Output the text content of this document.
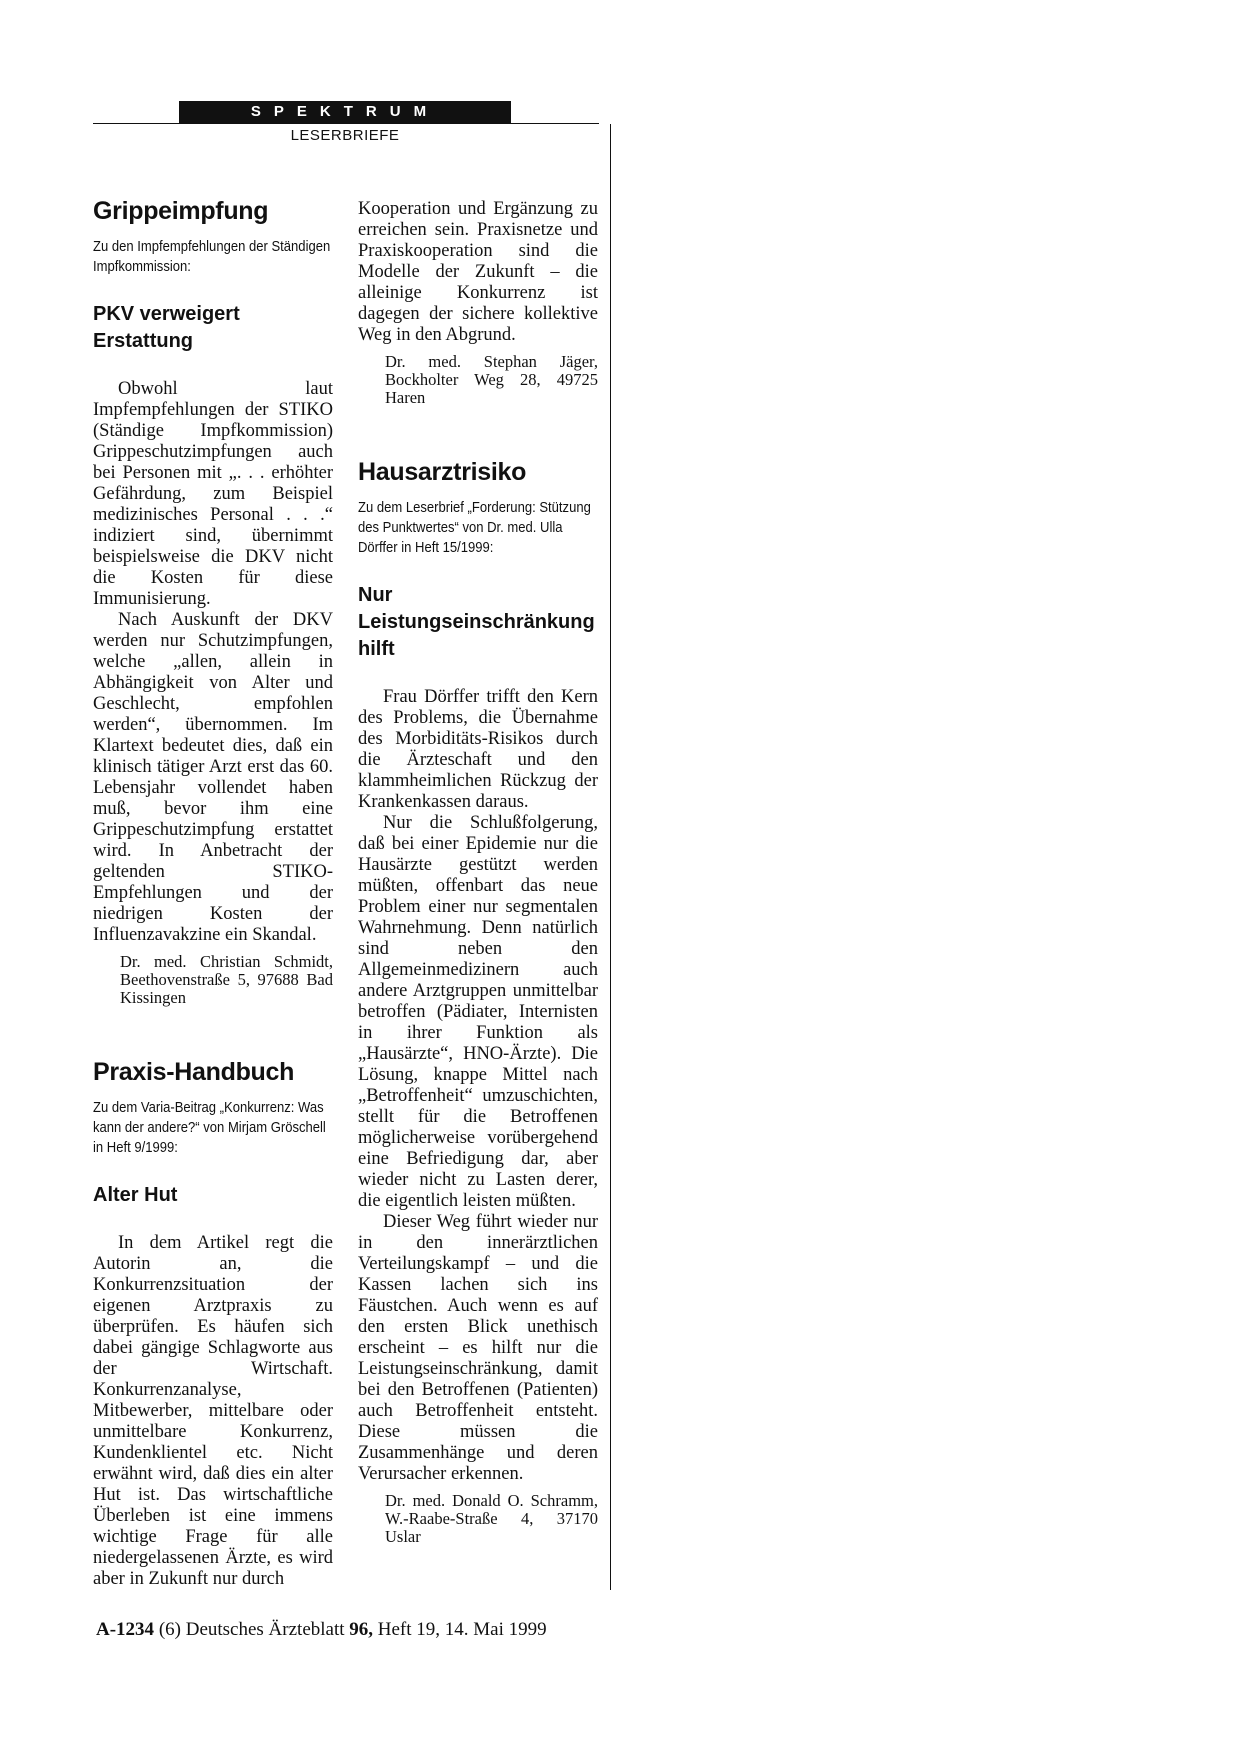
SPEKTRUM
LESERBRIEFE
Grippeimpfung
Zu den Impfempfehlungen der Ständigen Impfkommission:
PKV verweigert Erstattung

Obwohl laut Impfempfehlungen der STIKO (Ständige Impfkommission) Grippeschutzimpfungen auch bei Personen mit „. . . erhöhter Gefährdung, zum Beispiel medizinisches Personal . . .“ indiziert sind, übernimmt beispielsweise die DKV nicht die Kosten für diese Immunisierung.

Nach Auskunft der DKV werden nur Schutzimpfungen, welche „allen, allein in Abhängigkeit von Alter und Geschlecht, empfohlen werden“, übernommen. Im Klartext bedeutet dies, daß ein klinisch tätiger Arzt erst das 60. Lebensjahr vollendet haben muß, bevor ihm eine Grippeschutzimpfung erstattet wird. In Anbetracht der geltenden STIKO-Empfehlungen und der niedrigen Kosten der Influenzavakzine ein Skandal.

Dr. med. Christian Schmidt, Beethovenstraße 5, 97688 Bad Kissingen

Praxis-Handbuch
Zu dem Varia-Beitrag „Konkurrenz: Was kann der andere?“ von Mirjam Gröschell in Heft 9/1999:
Alter Hut

In dem Artikel regt die Autorin an, die Konkurrenzsituation der eigenen Arztpraxis zu überprüfen. Es häufen sich dabei gängige Schlagworte aus der Wirtschaft. Konkurrenzanalyse, Mitbewerber, mittelbare oder unmittelbare Konkurrenz, Kundenklientel etc. Nicht erwähnt wird, daß dies ein alter Hut ist. Das wirtschaftliche Überleben ist eine immens wichtige Frage für alle niedergelassenen Ärzte, es wird aber in Zukunft nur durch

Kooperation und Ergänzung zu erreichen sein. Praxisnetze und Praxiskooperation sind die Modelle der Zukunft – die alleinige Konkurrenz ist dagegen der sichere kollektive Weg in den Abgrund.

Dr. med. Stephan Jäger, Bockholter Weg 28, 49725 Haren

Hausarztrisiko
Zu dem Leserbrief „Forderung: Stützung des Punktwertes“ von Dr. med. Ulla Dörffer in Heft 15/1999:
Nur Leistungseinschränkung hilft

Frau Dörffer trifft den Kern des Problems, die Übernahme des Morbiditäts-Risikos durch die Ärzteschaft und den klammheimlichen Rückzug der Krankenkassen daraus.

Nur die Schlußfolgerung, daß bei einer Epidemie nur die Hausärzte gestützt werden müßten, offenbart das neue Problem einer nur segmentalen Wahrnehmung. Denn natürlich sind neben den Allgemeinmedizinern auch andere Arztgruppen unmittelbar betroffen (Pädiater, Internisten in ihrer Funktion als „Hausärzte“, HNO-Ärzte). Die Lösung, knappe Mittel nach „Betroffenheit“ umzuschichten, stellt für die Betroffenen möglicherweise vorübergehend eine Befriedigung dar, aber wieder nicht zu Lasten derer, die eigentlich leisten müßten.

Dieser Weg führt wieder nur in den innerärztlichen Verteilungskampf – und die Kassen lachen sich ins Fäustchen. Auch wenn es auf den ersten Blick unethisch erscheint – es hilft nur die Leistungseinschränkung, damit bei den Betroffenen (Patienten) auch Betroffenheit entsteht. Diese müssen die Zusammenhänge und deren Verursacher erkennen.

Dr. med. Donald O. Schramm, W.-Raabe-Straße 4, 37170 Uslar

A-1234 (6) Deutsches Ärzteblatt 96, Heft 19, 14. Mai 1999
